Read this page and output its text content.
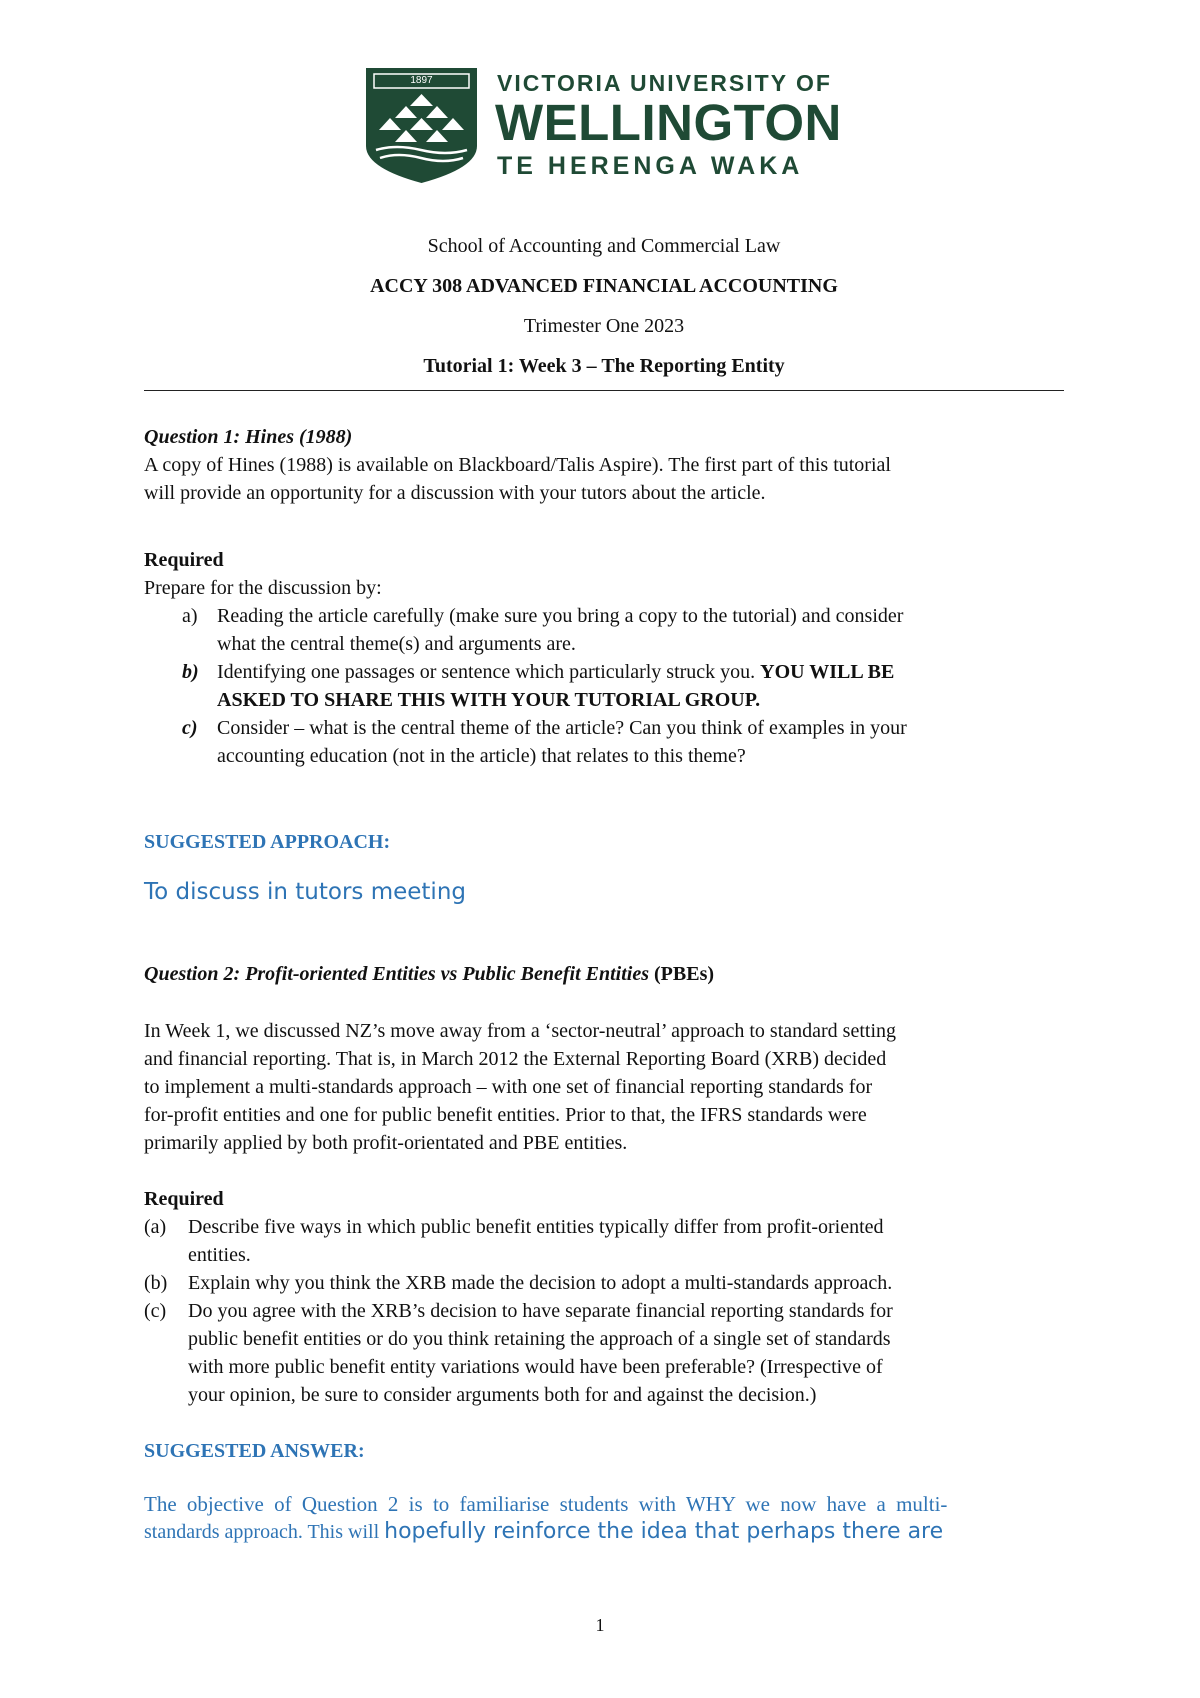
1897	VICTORIA UNIVERSITY OF
WELLINGTON
TE HERENGA WAKA
School of Accounting and Commercial Law
ACCY 308 ADVANCED FINANCIAL ACCOUNTING
Trimester One 2023
Tutorial 1: Week 3 – The Reporting Entity
Question 1: Hines (1988)
A copy of Hines (1988) is available on Blackboard/Talis Aspire). The first part of this tutorial
will provide an opportunity for a discussion with your tutors about the article.
Required
Prepare for the discussion by:
a) Reading the article carefully (make sure you bring a copy to the tutorial) and consider
what the central theme(s) and arguments are.
b) Identifying one passages or sentence which particularly struck you. YOU WILL BE
ASKED TO SHARE THIS WITH YOUR TUTORIAL GROUP.
c) Consider – what is the central theme of the article? Can you think of examples in your
accounting education (not in the article) that relates to this theme?
SUGGESTED APPROACH:
To discuss in tutors meeting
Question 2: Profit-oriented Entities vs Public Benefit Entities (PBEs)
In Week 1, we discussed NZ’s move away from a ‘sector-neutral’ approach to standard setting
and financial reporting. That is, in March 2012 the External Reporting Board (XRB) decided
to implement a multi-standards approach – with one set of financial reporting standards for
for-profit entities and one for public benefit entities. Prior to that, the IFRS standards were
primarily applied by both profit-orientated and PBE entities.
Required
(a) Describe five ways in which public benefit entities typically differ from profit-oriented
entities.
(b) Explain why you think the XRB made the decision to adopt a multi-standards approach.
(c) Do you agree with the XRB’s decision to have separate financial reporting standards for
public benefit entities or do you think retaining the approach of a single set of standards
with more public benefit entity variations would have been preferable? (Irrespective of
your opinion, be sure to consider arguments both for and against the decision.)
SUGGESTED ANSWER:
The objective of Question 2 is to familiarise students with WHY we now have a multi-
standards approach. This will hopefully reinforce the idea that perhaps there are
1
